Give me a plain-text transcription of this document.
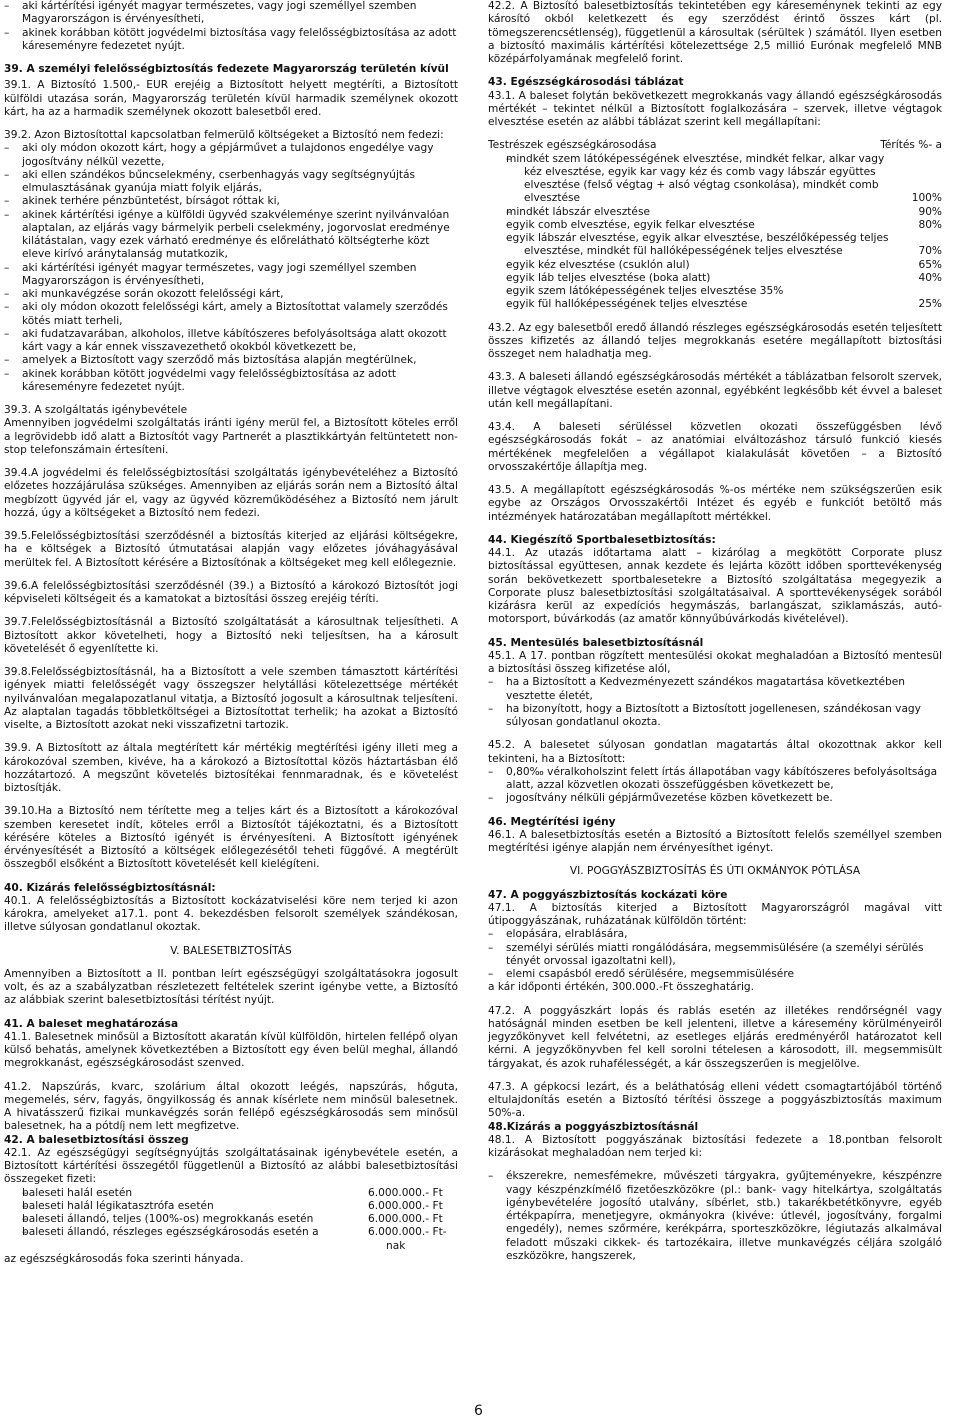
– aki kártérítési igényét magyar természetes, vagy jogi személlyel szemben Magyarországon is érvényesítheti,

– akinek korábban kötött jogvédelmi biztosítása vagy felelősségbiztosítása az adott káreseményre fedezetet nyújt.

39. A személyi felelősségbiztosítás fedezete Magyarország területén kívül

39.1. A Biztosító 1.500,- EUR erejéig a Biztosított helyett megtéríti, a Biztosított külföldi utazása során, Magyarország területén kívül harmadik személynek okozott kárt, ha az a harmadik személynek okozott balesetből ered.

39.2. Azon Biztosítottal kapcsolatban felmerülő költségeket a Biztosító nem fedezi:

– aki oly módon okozott kárt, hogy a gépjárművet a tulajdonos engedélye vagy jogosítvány nélkül vezette,

– aki ellen szándékos bűncselekmény, cserbenhagyás vagy segítségnyújtás elmulasztásának gyanúja miatt folyik eljárás,

– akinek terhére pénzbüntetést, bírságot róttak ki,

– akinek kártérítési igénye a külföldi ügyvéd szakvéleménye szerint nyilvánvalóan alaptalan, az eljárás vagy bármelyik perbeli cselekmény, jogorvoslat eredménye kilátástalan, vagy ezek várható eredménye és előrelátható költségterhe közt eleve kirívó aránytalanság mutatkozik,

– aki kártérítési igényét magyar természetes, vagy jogi személlyel szemben Magyarországon is érvényesítheti,

– aki munkavégzése során okozott felelősségi kárt,

– aki oly módon okozott felelősségi kárt, amely a Biztosítottat valamely szerződés kötés miatt terheli,

– aki fudatzavarában, alkoholos, illetve kábítószeres befolyásoltsága alatt okozott kárt vagy a kár ennek visszavezethető okokból következett be,

– amelyek a Biztosított vagy szerződő más biztosítása alapján megtérülnek,

– akinek korábban kötött jogvédelmi vagy felelősségbiztosítása az adott káreseményre fedezetet nyújt.

39.3. A szolgáltatás igénybevétele

Amennyiben jogvédelmi szolgáltatás iránti igény merül fel, a Biztosított köteles erről a legrövidebb idő alatt a Biztosítót vagy Partnerét a plasztikkártyán feltüntetett non-stop telefonszámain értesíteni.

39.4.A jogvédelmi és felelősségbiztosítási szolgáltatás igénybevételéhez a Biztosító előzetes hozzájárulása szükséges. Amennyiben az eljárás során nem a Biztosító által megbízott ügyvéd jár el, vagy az ügyvéd közreműködéséhez a Biztosító nem járult hozzá, úgy a költségeket a Biztosító nem fedezi.

39.5.Felelősségbiztosítási szerződésnél a biztosítás kiterjed az eljárási költségekre, ha e költségek a Biztosító útmutatásai alapján vagy előzetes jóváhagyásával merültek fel. A Biztosított kérésére a Biztosítónak a költségeket meg kell előlegeznie.

39.6.A felelősségbiztosítási szerződésnél (39.) a Biztosító a károkozó Biztosítót jogi képviseleti költségeit és a kamatokat a biztosítási összeg erejéig téríti.

39.7.Felelősségbiztosításnál a Biztosító szolgáltatását a károsultnak teljesítheti. A Biztosított akkor követelheti, hogy a Biztosító neki teljesítsen, ha a károsult követelését ő egyenlítette ki.

39.8.Felelősségbiztosításnál, ha a Biztosított a vele szemben támasztott kártérítési igények miatti felelősségét vagy összegszer helytállási kötelezettsége mértékét nyilvánvalóan megalapozatlanul vitatja, a Biztosító jogosult a károsultnak teljesíteni. Az alaptalan tagadás többletköltségei a Biztosítottat terhelik; ha azokat a Biztosító viselte, a Biztosított azokat neki visszafizetni tartozik.

39.9. A Biztosított az általa megtérített kár mértékig megtérítési igény illeti meg a károkozóval szemben, kivéve, ha a károkozó a Biztosítottal közös háztartásban élő hozzátartozó. A megszűnt követelés biztosítékai fennmaradnak, és e követelést biztosítják.

39.10.Ha a Biztosító nem térítette meg a teljes kárt és a Biztosított a károkozóval szemben keresetet indít, köteles erről a Biztosítót tájékoztatni, és a Biztosított kérésére köteles a Biztosító igényét is érvényesíteni. A Biztosított igényének érvényesítését a Biztosító a költségek előlegezésétől teheti függővé. A megtérült összegből elsőként a Biztosított követelését kell kielégíteni.

40. Kizárás felelősségbiztosításnál:

40.1. A felelősségbiztosítás a Biztosított kockázatviselési köre nem terjed ki azon károkra, amelyeket a17.1. pont 4. bekezdésben felsorolt személyek szándékosan, illetve súlyosan gondatlanul okoztak.

V. BALESETBIZTOSÍTÁS

Amennyiben a Biztosított a II. pontban leírt egészségügyi szolgáltatásokra jogosult volt, és az a szabályzatban részletezett feltételek szerint igénybe vette, a Biztosító az alábbiak szerint balesetbiztosítási térítést nyújt.

41. A baleset meghatározása

41.1. Balesetnek minősül a Biztosított akaratán kívül külföldön, hirtelen fellépő olyan külső behatás, amelynek következtében a Biztosított egy éven belül meghal, állandó megrokkanást, egészségkárosodást szenved.

41.2. Napszúrás, kvarc, szolárium által okozott leégés, napszúrás, hőguta, megemelés, sérv, fagyás, öngyilkosság és annak kísérlete nem minősül balesetnek. A hivatásszerű fizikai munkavégzés során fellépő egészségkárosodás sem minősül balesetnek, ha a pótdíj nem lett megfizetve.

42. A balesetbiztosítási összeg

42.1. Az egészségügyi segítségnyújtás szolgáltatásainak igénybevétele esetén, a Biztosított kártérítési összegétől függetlenül a Biztosító az alábbi balesetbiztosítási összegeket fizeti:

– baleseti halál esetén	6.000.000.- Ft
– baleseti halál légikatasztrófa esetén	6.000.000.- Ft
– baleseti állandó, teljes (100%-os) megrokkanás esetén	6.000.000.- Ft
– baleseti állandó, részleges egészségkárosodás esetén a	6.000.000.- Ft-nak

az egészségkárosodás foka szerinti hányada.

42.2. A Biztosító balesetbiztosítás tekintetében egy káreseménynek tekinti az egy károsító okból keletkezett és egy szerződést érintő összes kárt (pl. tömegszerencsétlenség), függetlenül a károsultak (sérültek ) számától. Ilyen esetben a biztosító maximális kártérítési kötelezettsége 2,5 millió Eurónak megfelelő MNB középárfolyamának megfelelő forint.

43. Egészségkárosodási táblázat

43.1. A baleset folytán bekövetkezett megrokkanás vagy állandó egészségkárosodás mértékét – tekintet nélkül a Biztosított foglalkozására – szervek, illetve végtagok elvesztése esetén az alábbi táblázat szerint kell megállapítani:

Testrészek egészségkárosodása	Térítés %- a
– mindkét szem látóképességének elvesztése, mindkét felkar, alkar vagy kéz elvesztése, egyik kar vagy kéz és comb vagy lábszár együttes elvesztése (felső végtag + alsó végtag csonkolása), mindkét comb elvesztése	100%
– mindkét lábszár elvesztése	90%
– egyik comb elvesztése, egyik felkar elvesztése	80%
– egyik lábszár elvesztése, egyik alkar elvesztése, beszélőképesség teljes elvesztése, mindkét fül hallóképességének teljes elvesztése	70%
– egyik kéz elvesztése (csuklón alul)	65%
– egyik láb teljes elvesztése (boka alatt)	40%
– egyik szem látóképességének teljes elvesztése 35%
– egyik fül hallóképességének teljes elvesztése	25%

43.2. Az egy balesetből eredő állandó részleges egészségkárosodás esetén teljesített összes kifizetés az állandó teljes megrokkanás esetére megállapított biztosítási összeget nem haladhatja meg.

43.3. A baleseti állandó egészségkárosodás mértékét a táblázatban felsorolt szervek, illetve végtagok elvesztése esetén azonnal, egyébként legkésőbb két évvel a baleset után kell megállapítani.

43.4. A baleseti sérüléssel közvetlen okozati összefüggésben lévő egészségkárosodás fokát – az anatómiai elváltozáshoz társuló funkció kiesés mértékének megfelelően a végállapot kialakulását követően – a Biztosító orvosszakértője állapítja meg.

43.5. A megállapított egészségkárosodás %-os mértéke nem szükségszerűen esik egybe az Országos Orvosszakértői Intézet és egyéb e funkciót betöltő más intézmények határozatában megállapított mértékkel.

44. Kiegészítő Sportbalesetbiztosítás:

44.1. Az utazás időtartama alatt – kizárólag a megkötött Corporate plusz biztosítással együttesen, annak kezdete és lejárta között időben sporttevékenység során bekövetkezett sportbalesetekre a Biztosító szolgáltatása megegyezik a Corporate plusz balesetbiztosítási szolgáltatásaival. A sporttevékenységek sorából kizárásra kerül az expedíciós hegymászás, barlangászat, sziklamászás, autó-motorsport, búvárkodás (az amatőr könnyűbúvárkodás kivételével).

45. Mentesülés balesetbiztosításnál

45.1. A 17. pontban rögzített mentesülési okokat meghaladóan a Biztosító mentesül a biztosítási összeg kifizetése alól,

– ha a Biztosított a Kedvezményezett szándékos magatartása következtében vesztette életét,

– ha bizonyított, hogy a Biztosított a Biztosított jogellenesen, szándékosan vagy súlyosan gondatlanul okozta.

45.2. A balesetet súlyosan gondatlan magatartás által okozottnak akkor kell tekinteni, ha a Biztosított:

– 0,80‰ véralkoholszint felett írtás állapotában vagy kábítószeres befolyásoltsága alatt, azzal közvetlen okozati összefüggésben következett be,

– jogosítvány nélküli gépjárművezetése közben következett be.

46. Megtérítési igény

46.1. A balesetbiztosítás esetén a Biztosító a Biztosított felelős személlyel szemben megtérítési igénye alapján nem érvényesíthet igényt.

VI. POGGYÁSZBIZTOSÍTÁS ÉS ÚTI OKMÁNYOK PÓTLÁSA

47. A poggyászbiztosítás kockázati köre

47.1. A biztosítás kiterjed a Biztosított Magyarországról magával vitt útipoggyászának, ruházatának külföldön történt:

– elopására, elrablására,

– személyi sérülés miatti rongálódására, megsemmisülésére (a személyi sérülés tényét orvossal igazoltatni kell),

– elemi csapásból eredő sérülésére, megsemmisülésére

a kár időponti értékén, 300.000.-Ft összeghatárig.

47.2. A poggyászkárt lopás és rablás esetén az illetékes rendőrségnél vagy hatóságnál minden esetben be kell jelenteni, illetve a káresemény körülményeiről jegyzőkönyvet kell felvétetni, az esetleges eljárás eredményéről határozatot kell kérni. A jegyzőkönyvben fel kell sorolni tételesen a károsodott, ill. megsemmisült tárgyakat, és azok ruhafélességét, a kár összegszerűen is megjelölve.

47.3. A gépkocsi lezárt, és a beláthatóság elleni védett csomagtartójából történő eltulajdonítás esetén a Biztosító térítési összege a poggyászbiztosítás maximum 50%-a.

48.Kizárás a poggyászbiztosításnál

48.1. A Biztosított poggyászának biztosítási fedezete a 18.pontban felsorolt kizárásokat meghaladóan nem terjed ki:

– ékszerekre, nemesfémekre, művészeti tárgyakra, gyűjteményekre, készpénzre vagy készpénzkímélő fizetőeszközökre (pl.: bank- vagy hitelkártya, szolgáltatás igénybevételére jogosító utalvány, síbérlet, stb.) takarékbetétkönyvre, egyéb értékpapírra, menetjegyre, okmányokra (kivéve: útlevél, jogosítvány, forgalmi engedély), nemes szőrmére, kerékpárra, sporteszközökre, légiutazás alkalmával feladott műszaki cikkek- és tartozékaira, illetve munkavégzés céljára szolgáló eszközökre, hangszerek,

6
